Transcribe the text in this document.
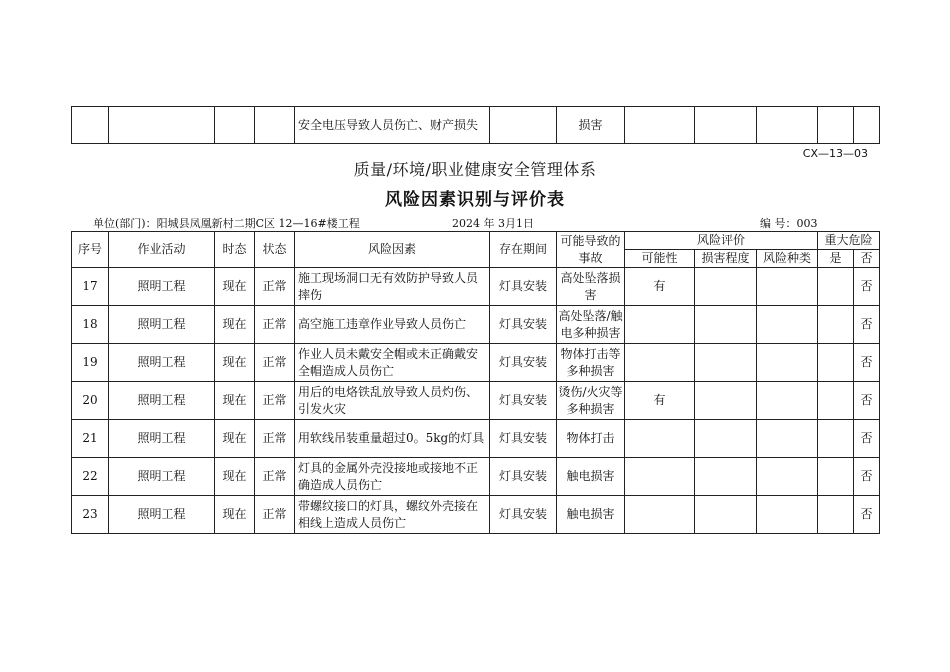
				安全电压导致人员伤亡、财产损失		损害					
CX—13—03
质量/环境/职业健康安全管理体系
风险因素识别与评价表
单位(部门)：阳城县凤凰新村二期C区 12—16#楼工程	2024 年 3月1日	编 号：003
序号	作业活动	时态	状态	风险因素	存在期间	可能导致的事故	风险评价			重大危险	
							可能性	损害程度	风险种类	是	否
17	照明工程	现在	正常	施工现场洞口无有效防护导致人员摔伤	灯具安装	高处坠落损害	有				否
18	照明工程	现在	正常	高空施工违章作业导致人员伤亡	灯具安装	高处坠落/触电多种损害					否
19	照明工程	现在	正常	作业人员未戴安全帽或未正确戴安全帽造成人员伤亡	灯具安装	物体打击等多种损害					否
20	照明工程	现在	正常	用后的电烙铁乱放导致人员灼伤、引发火灾	灯具安装	烫伤/火灾等多种损害	有				否
21	照明工程	现在	正常	用软线吊装重量超过0。5kg的灯具	灯具安装	物体打击					否
22	照明工程	现在	正常	灯具的金属外壳没接地或接地不正确造成人员伤亡	灯具安装	触电损害					否
23	照明工程	现在	正常	带螺纹接口的灯具，螺纹外壳接在相线上造成人员伤亡	灯具安装	触电损害					否
